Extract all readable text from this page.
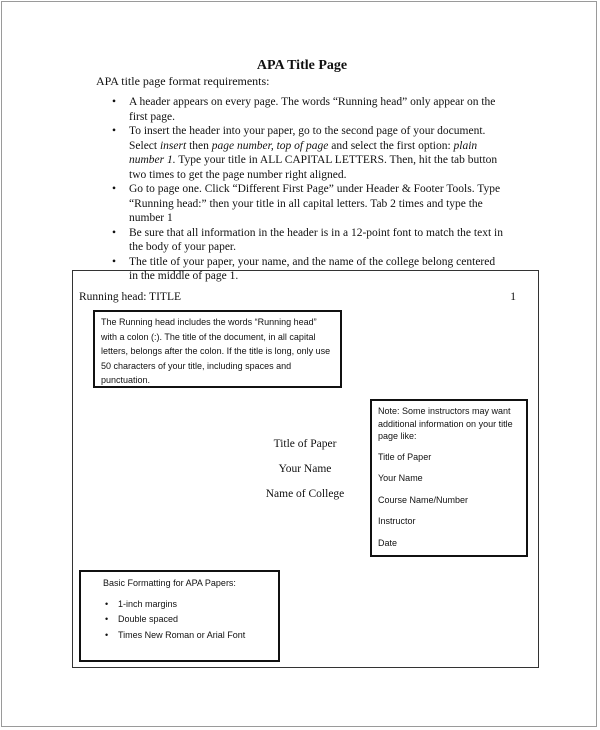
APA Title Page
APA title page format requirements:
• A header appears on every page. The words “Running head” only appear on the first page.
• To insert the header into your paper, go to the second page of your document. Select insert then page number, top of page and select the first option: plain number 1. Type your title in ALL CAPITAL LETTERS. Then, hit the tab button two times to get the page number right aligned.
• Go to page one. Click “Different First Page” under Header & Footer Tools. Type “Running head:” then your title in all capital letters. Tab 2 times and type the number 1
• Be sure that all information in the header is in a 12-point font to match the text in the body of your paper.
• The title of your paper, your name, and the name of the college belong centered in the middle of page 1.
Running head: TITLE	1
The Running head includes the words “Running head” with a colon (:). The title of the document, in all capital letters, belongs after the colon. If the title is long, only use 50 characters of your title, including spaces and punctuation.
Title of Paper
Your Name
Name of College

Note: Some instructors may want additional information on your title page like:

Title of Paper

Your Name

Course Name/Number

Instructor

Date

Basic Formatting for APA Papers:
• 1-inch margins
• Double spaced
• Times New Roman or Arial Font
